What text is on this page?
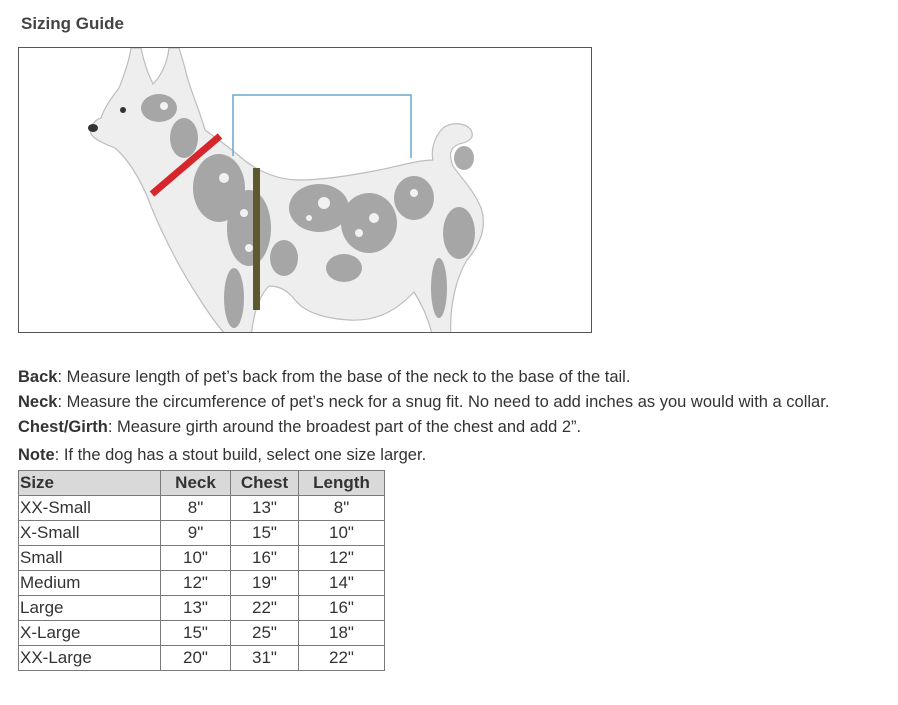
Sizing Guide

Back: Measure length of pet’s back from the base of the neck to the base of the tail.

Neck: Measure the circumference of pet’s neck for a snug fit. No need to add inches as you would with a collar.

Chest/Girth: Measure girth around the broadest part of the chest and add 2”.

Note: If the dog has a stout build, select one size larger.

Size	Neck	Chest	Length
XX-Small	8"	13"	8"
X-Small	9"	15"	10"
Small	10"	16"	12"
Medium	12"	19"	14"
Large	13"	22"	16"
X-Large	15"	25"	18"
XX-Large	20"	31"	22"
